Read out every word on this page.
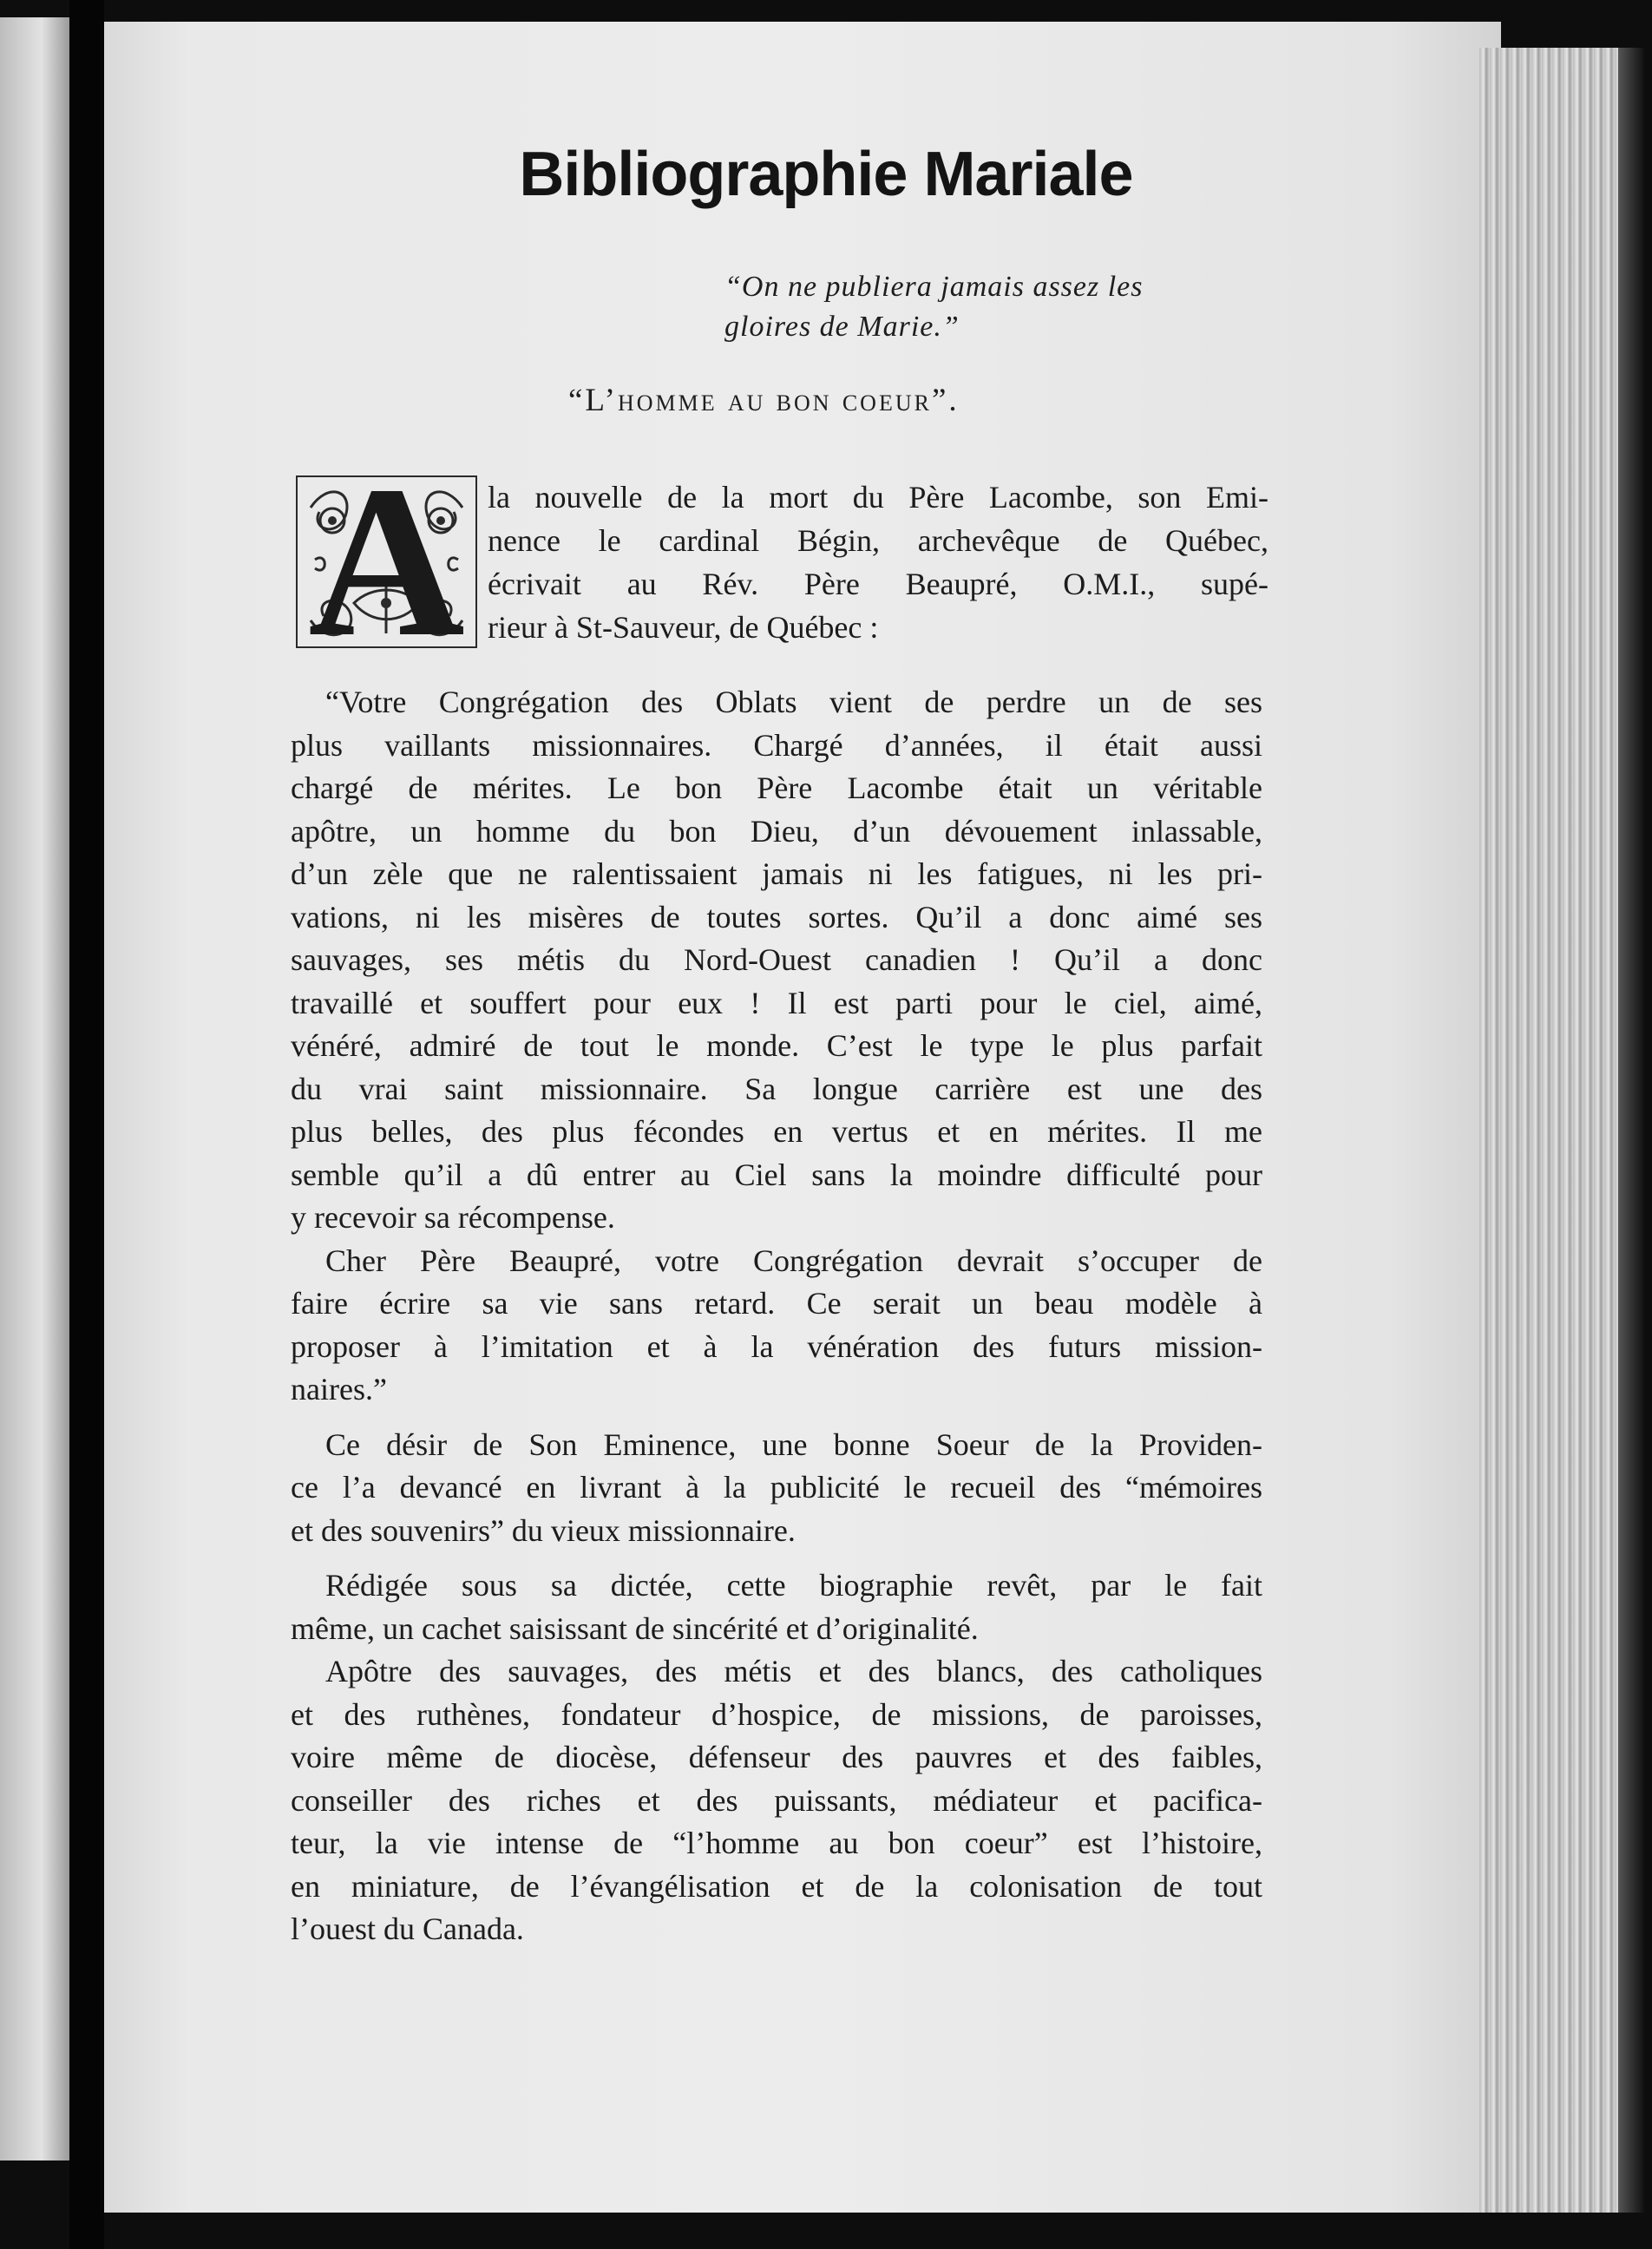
Bibliographie Mariale

“On ne publiera jamais assez les

gloires de Marie.”

“L’homme au bon coeur”.
A la nouvelle de la mort du Père Lacombe, son Emi-
nence le cardinal Bégin, archevêque de Québec,
écrivait au Rév. Père Beaupré, O.M.I., supé-
rieur à St-Sauveur, de Québec :
“Votre Congrégation des Oblats vient de perdre un de ses
plus vaillants missionnaires. Chargé d’années, il était aussi
chargé de mérites. Le bon Père Lacombe était un véritable
apôtre, un homme du bon Dieu, d’un dévouement inlassable,
d’un zèle que ne ralentissaient jamais ni les fatigues, ni les pri-
vations, ni les misères de toutes sortes. Qu’il a donc aimé ses
sauvages, ses métis du Nord-Ouest canadien ! Qu’il a donc
travaillé et souffert pour eux ! Il est parti pour le ciel, aimé,
vénéré, admiré de tout le monde. C’est le type le plus parfait
du vrai saint missionnaire. Sa longue carrière est une des
plus belles, des plus fécondes en vertus et en mérites. Il me
semble qu’il a dû entrer au Ciel sans la moindre difficulté pour
y recevoir sa récompense.
Cher Père Beaupré, votre Congrégation devrait s’occuper de
faire écrire sa vie sans retard. Ce serait un beau modèle à
proposer à l’imitation et à la vénération des futurs mission-
naires.”
Ce désir de Son Eminence, une bonne Soeur de la Providen-
ce l’a devancé en livrant à la publicité le recueil des “mémoires
et des souvenirs” du vieux missionnaire.
Rédigée sous sa dictée, cette biographie revêt, par le fait
même, un cachet saisissant de sincérité et d’originalité.
Apôtre des sauvages, des métis et des blancs, des catholiques
et des ruthènes, fondateur d’hospice, de missions, de paroisses,
voire même de diocèse, défenseur des pauvres et des faibles,
conseiller des riches et des puissants, médiateur et pacifica-
teur, la vie intense de “l’homme au bon coeur” est l’histoire,
en miniature, de l’évangélisation et de la colonisation de tout
l’ouest du Canada.
